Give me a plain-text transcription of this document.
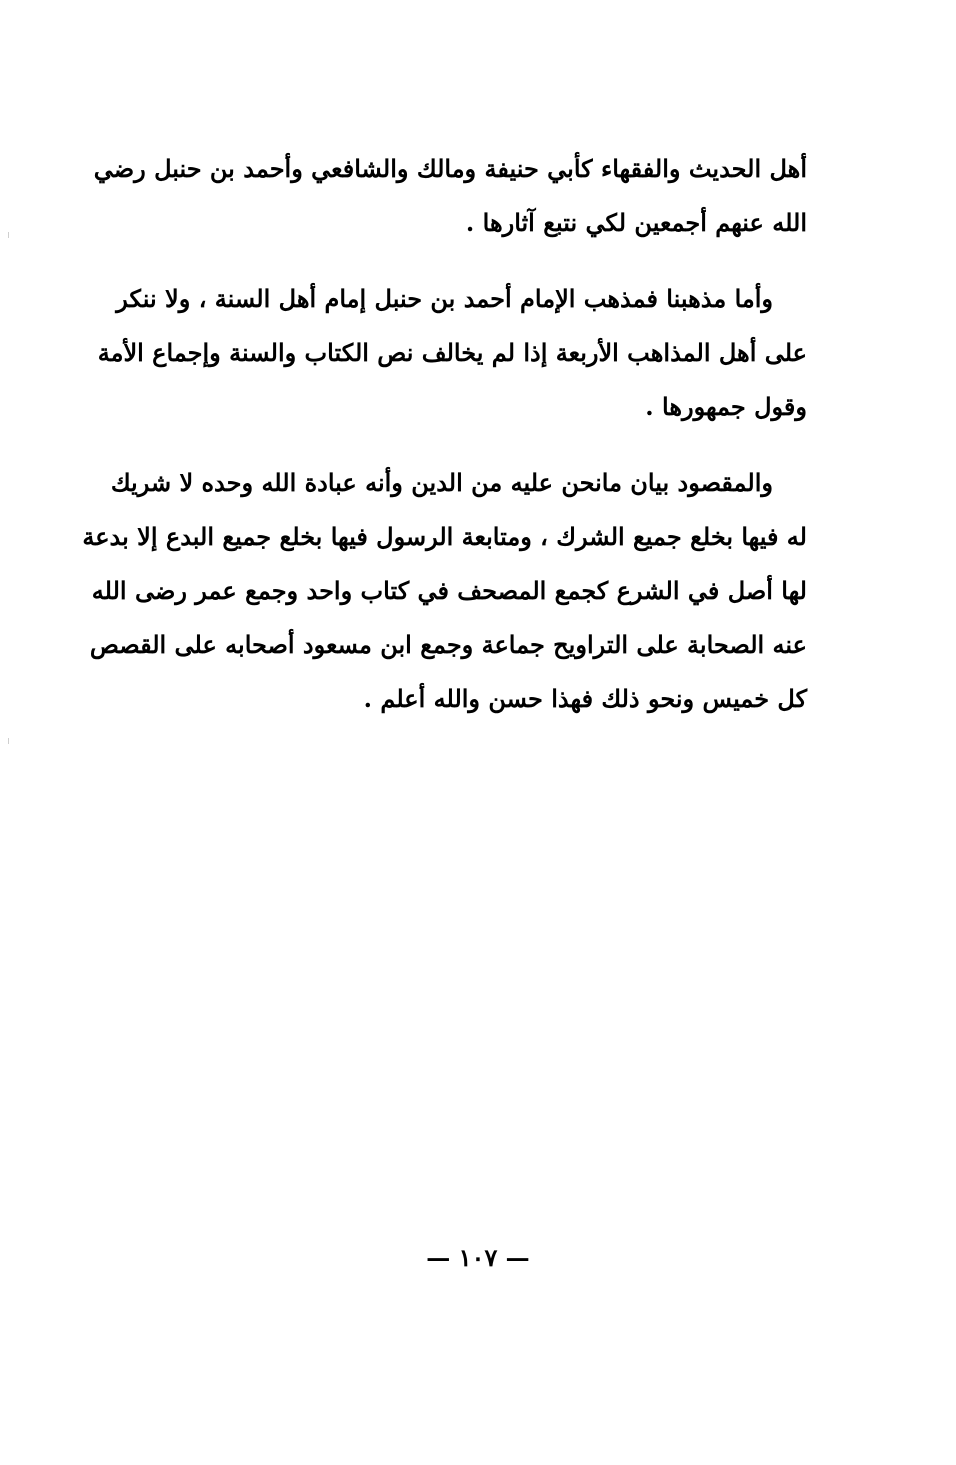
أهل الحديث والفقهاء كأبي حنيفة ومالك والشافعي وأحمد بن حنبل رضي
الله عنهم أجمعين لكي نتبع آثارها .
وأما مذهبنا فمذهب الإمام أحمد بن حنبل إمام أهل السنة ، ولا ننكر
على أهل المذاهب الأربعة إذا لم يخالف نص الكتاب والسنة وإجماع الأمة
وقول جمهورها .
والمقصود بيان مانحن عليه من الدين وأنه عبادة الله وحده لا شريك
له فيها بخلع جميع الشرك ، ومتابعة الرسول فيها بخلع جميع البدع إلا بدعة
لها أصل في الشرع كجمع المصحف في كتاب واحد وجمع عمر رضى الله
عنه الصحابة على التراويح جماعة وجمع ابن مسعود أصحابه على القصص
كل خميس ونحو ذلك فهذا حسن والله أعلم .
— ١٠٧ —
